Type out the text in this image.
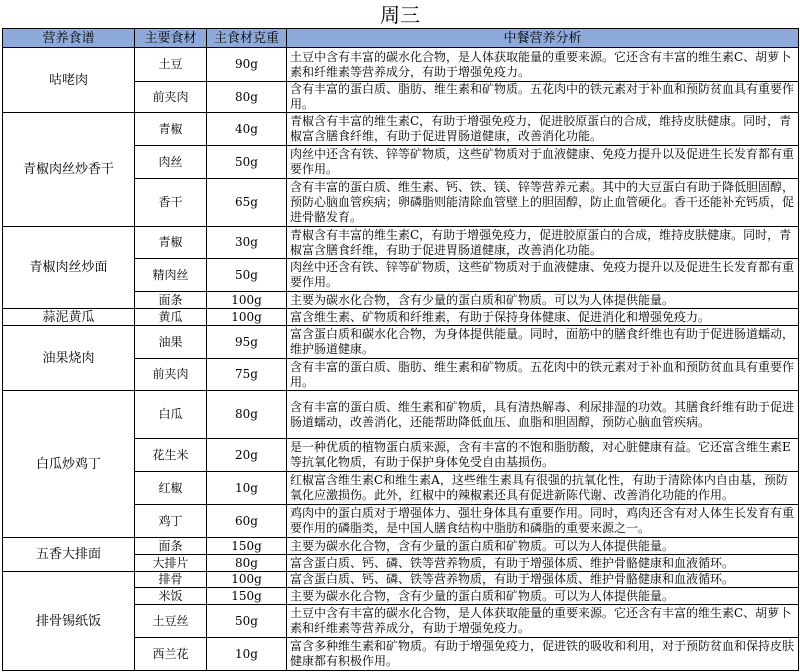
周三
营养食谱	主要食材	主食材克重	中餐营养分析
咕咾肉	土豆	90g	土豆中含有丰富的碳水化合物，是人体获取能量的重要来源。它还含有丰富的维生素C、胡萝卜素和纤维素等营养成分，有助于增强免疫力。
	前夹肉	80g	含有丰富的蛋白质、脂肪、维生素和矿物质。五花肉中的铁元素对于补血和预防贫血具有重要作用。
青椒肉丝炒香干	青椒	40g	青椒含有丰富的维生素C，有助于增强免疫力，促进胶原蛋白的合成，维持皮肤健康。同时，青椒富含膳食纤维，有助于促进胃肠道健康，改善消化功能。
	肉丝	50g	肉丝中还含有铁、锌等矿物质，这些矿物质对于血液健康、免疫力提升以及促进生长发育都有重要作用。
	香干	65g	含有丰富的蛋白质、维生素、钙、铁、镁、锌等营养元素。其中的大豆蛋白有助于降低胆固醇，预防心脑血管疾病；卵磷脂则能清除血管壁上的胆固醇，防止血管硬化。香干还能补充钙质，促进骨骼发育。
青椒肉丝炒面	青椒	30g	青椒含有丰富的维生素C，有助于增强免疫力，促进胶原蛋白的合成，维持皮肤健康。同时，青椒富含膳食纤维，有助于促进胃肠道健康，改善消化功能。
	精肉丝	50g	肉丝中还含有铁、锌等矿物质，这些矿物质对于血液健康、免疫力提升以及促进生长发育都有重要作用。
	面条	100g	主要为碳水化合物，含有少量的蛋白质和矿物质。可以为人体提供能量。
蒜泥黄瓜	黄瓜	100g	富含维生素、矿物质和纤维素，有助于保持身体健康、促进消化和增强免疫力。
油果烧肉	油果	95g	富含蛋白质和碳水化合物，为身体提供能量。同时，面筋中的膳食纤维也有助于促进肠道蠕动，维护肠道健康。
	前夹肉	75g	含有丰富的蛋白质、脂肪、维生素和矿物质。五花肉中的铁元素对于补血和预防贫血具有重要作用。
白瓜炒鸡丁	白瓜	80g	含有丰富的蛋白质、维生素和矿物质，具有清热解毒、利尿排湿的功效。其膳食纤维有助于促进肠道蠕动，改善消化，还能帮助降低血压、血脂和胆固醇，预防心脑血管疾病。
	花生米	20g	是一种优质的植物蛋白质来源，含有丰富的不饱和脂肪酸，对心脏健康有益。它还富含维生素E等抗氧化物质，有助于保护身体免受自由基损伤。
	红椒	10g	红椒富含维生素C和维生素A，这些维生素具有很强的抗氧化性，有助于清除体内自由基，预防氧化应激损伤。此外，红椒中的辣椒素还具有促进新陈代谢、改善消化功能的作用。
	鸡丁	60g	鸡肉中的蛋白质对于增强体力、强壮身体具有重要作用。同时，鸡肉还含有对人体生长发育有重要作用的磷脂类，是中国人膳食结构中脂肪和磷脂的重要来源之一。
五香大排面	面条	150g	主要为碳水化合物，含有少量的蛋白质和矿物质。可以为人体提供能量。
	大排片	80g	富含蛋白质、钙、磷、铁等营养物质，有助于增强体质、维护骨骼健康和血液循环。
排骨锡纸饭	排骨	100g	富含蛋白质、钙、磷、铁等营养物质，有助于增强体质、维护骨骼健康和血液循环。
	米饭	150g	主要为碳水化合物，含有少量的蛋白质和矿物质。可以为人体提供能量。
	土豆丝	50g	土豆中含有丰富的碳水化合物，是人体获取能量的重要来源。它还含有丰富的维生素C、胡萝卜素和纤维素等营养成分，有助于增强免疫力。
	西兰花	10g	富含多种维生素和矿物质。有助于增强免疫力，促进铁的吸收和利用，对于预防贫血和保持皮肤健康都有积极作用。
